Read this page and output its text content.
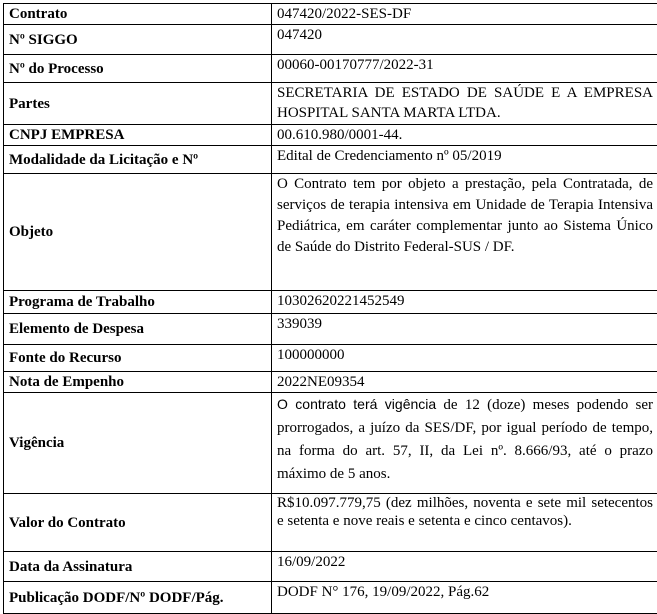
Contrato	047420/2022-SES-DF
Nº SIGGO	047420
Nº do Processo	00060-00170777/2022-31
Partes	SECRETARIA DE ESTADO DE SAÚDE E A EMPRESA HOSPITAL SANTA MARTA LTDA.
CNPJ EMPRESA	00.610.980/0001-44.
Modalidade da Licitação e Nº	Edital de Credenciamento nº 05/2019
Objeto	O Contrato tem por objeto a prestação, pela Contratada, de serviços de terapia intensiva em Unidade de Terapia Intensiva Pediátrica, em caráter complementar junto ao Sistema Único de Saúde do Distrito Federal-SUS / DF.
Programa de Trabalho	10302620221452549
Elemento de Despesa	339039
Fonte do Recurso	100000000
Nota de Empenho	2022NE09354
Vigência	O contrato terá vigência de 12 (doze) meses podendo ser prorrogados, a juízo da SES/DF, por igual período de tempo, na forma do art. 57, II, da Lei nº. 8.666/93, até o prazo máximo de 5 anos.
Valor do Contrato	R$10.097.779,75 (dez milhões, noventa e sete mil setecentos e setenta e nove reais e setenta e cinco centavos).
Data da Assinatura	16/09/2022
Publicação DODF/Nº DODF/Pág.	DODF N° 176, 19/09/2022, Pág.62
